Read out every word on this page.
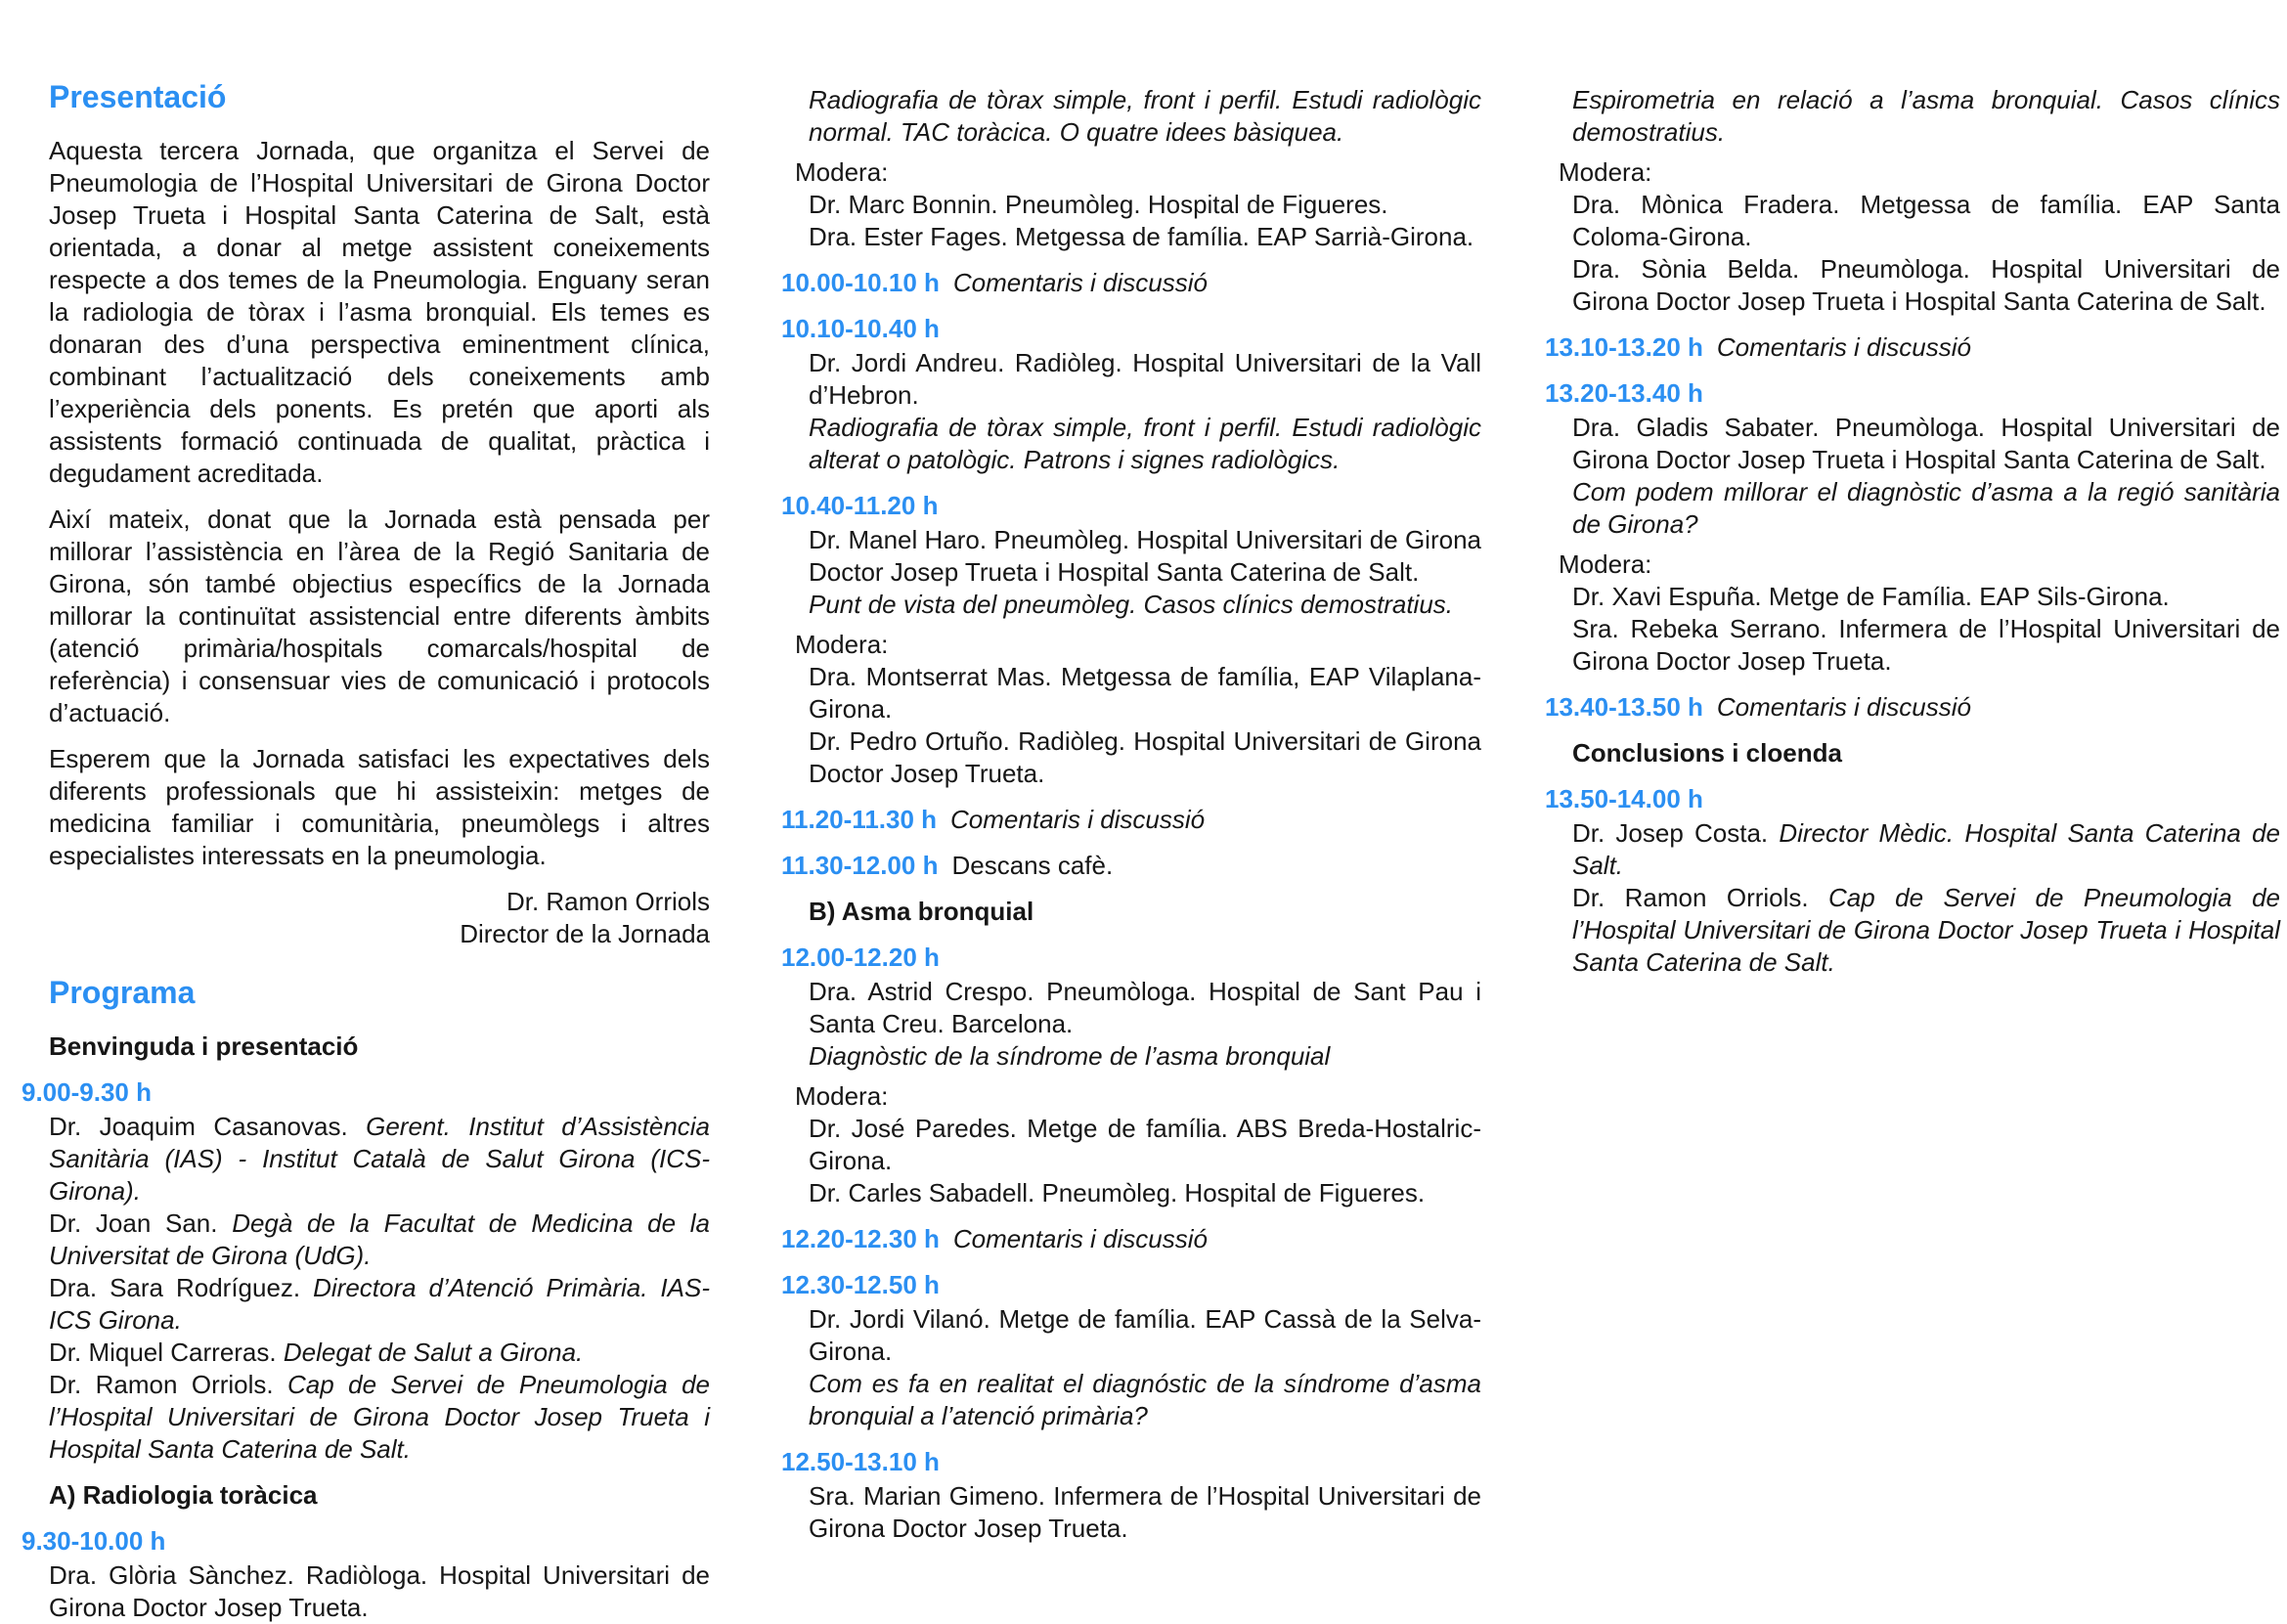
Presentació

Aquesta tercera Jornada, que organitza el Servei de Pneumologia de l’Hospital Universitari de Girona Doctor Josep Trueta i Hospital Santa Caterina de Salt, està orientada, a donar al metge assistent coneixements respecte a dos temes de la Pneumologia. Enguany seran la radiologia de tòrax i l’asma bronquial. Els temes es donaran des d’una perspectiva eminentment clínica, combinant l’actualització dels coneixements amb l’experiència dels ponents. Es pretén que aporti als assistents formació continuada de qualitat, pràctica i degudament acreditada.

Així mateix, donat que la Jornada està pensada per millorar l’assistència en l’àrea de la Regió Sanitaria de Girona, són també objectius específics de la Jornada millorar la continuïtat assistencial entre diferents àmbits (atenció primària/hospitals comarcals/hospital de referència) i consensuar vies de comunicació i protocols d’actuació.

Esperem que la Jornada satisfaci les expectatives dels diferents professionals que hi assisteixin: metges de medicina familiar i comunitària, pneumòlegs i altres especialistes interessats en la pneumologia.

Dr. Ramon Orriols
Director de la Jornada

Programa

Benvinguda i presentació

9.00-9.30 h

Dr. Joaquim Casanovas. Gerent. Institut d’Assistència Sanitària (IAS) - Institut Català de Salut Girona (ICS-Girona).

Dr. Joan San. Degà de la Facultat de Medicina de la Universitat de Girona (UdG).

Dra. Sara Rodríguez. Directora d’Atenció Primària. IAS-ICS Girona.

Dr. Miquel Carreras. Delegat de Salut a Girona.

Dr. Ramon Orriols. Cap de Servei de Pneumologia de l’Hospital Universitari de Girona Doctor Josep Trueta i Hospital Santa Caterina de Salt.

A) Radiologia toràcica

9.30-10.00 h

Dra. Glòria Sànchez. Radiòloga. Hospital Universitari de Girona Doctor Josep Trueta.

Radiografia de tòrax simple, front i perfil. Estudi radiològic normal. TAC toràcica. O quatre idees bàsiquea.

Modera:

Dr. Marc Bonnin. Pneumòleg. Hospital de Figueres.

Dra. Ester Fages. Metgessa de família. EAP Sarrià-Girona.

10.00-10.10 h Comentaris i discussió

10.10-10.40 h

Dr. Jordi Andreu. Radiòleg. Hospital Universitari de la Vall d’Hebron.

Radiografia de tòrax simple, front i perfil. Estudi radiològic alterat o patològic. Patrons i signes radiològics.

10.40-11.20 h

Dr. Manel Haro. Pneumòleg. Hospital Universitari de Girona Doctor Josep Trueta i Hospital Santa Caterina de Salt.

Punt de vista del pneumòleg. Casos clínics demostratius.

Modera:

Dra. Montserrat Mas. Metgessa de família, EAP Vilaplana-Girona.

Dr. Pedro Ortuño. Radiòleg. Hospital Universitari de Girona Doctor Josep Trueta.

11.20-11.30 h Comentaris i discussió

11.30-12.00 h Descans cafè.

B) Asma bronquial

12.00-12.20 h

Dra. Astrid Crespo. Pneumòloga. Hospital de Sant Pau i Santa Creu. Barcelona.

Diagnòstic de la síndrome de l’asma bronquial

Modera:

Dr. José Paredes. Metge de família. ABS Breda-Hostalric-Girona.

Dr. Carles Sabadell. Pneumòleg. Hospital de Figueres.

12.20-12.30 h Comentaris i discussió

12.30-12.50 h

Dr. Jordi Vilanó. Metge de família. EAP Cassà de la Selva-Girona.

Com es fa en realitat el diagnóstic de la síndrome d’asma bronquial a l’atenció primària?

12.50-13.10 h

Sra. Marian Gimeno. Infermera de l’Hospital Universitari de Girona Doctor Josep Trueta.

Espirometria en relació a l’asma bronquial. Casos clínics demostratius.

Modera:

Dra. Mònica Fradera. Metgessa de família. EAP Santa Coloma-Girona.

Dra. Sònia Belda. Pneumòloga. Hospital Universitari de Girona Doctor Josep Trueta i Hospital Santa Caterina de Salt.

13.10-13.20 h Comentaris i discussió

13.20-13.40 h

Dra. Gladis Sabater. Pneumòloga. Hospital Universitari de Girona Doctor Josep Trueta i Hospital Santa Caterina de Salt.

Com podem millorar el diagnòstic d’asma a la regió sanitària de Girona?

Modera:

Dr. Xavi Espuña. Metge de Família. EAP Sils-Girona.

Sra. Rebeka Serrano. Infermera de l’Hospital Universitari de Girona Doctor Josep Trueta.

13.40-13.50 h Comentaris i discussió

Conclusions i cloenda

13.50-14.00 h

Dr. Josep Costa. Director Mèdic. Hospital Santa Caterina de Salt.

Dr. Ramon Orriols. Cap de Servei de Pneumologia de l’Hospital Universitari de Girona Doctor Josep Trueta i Hospital Santa Caterina de Salt.
